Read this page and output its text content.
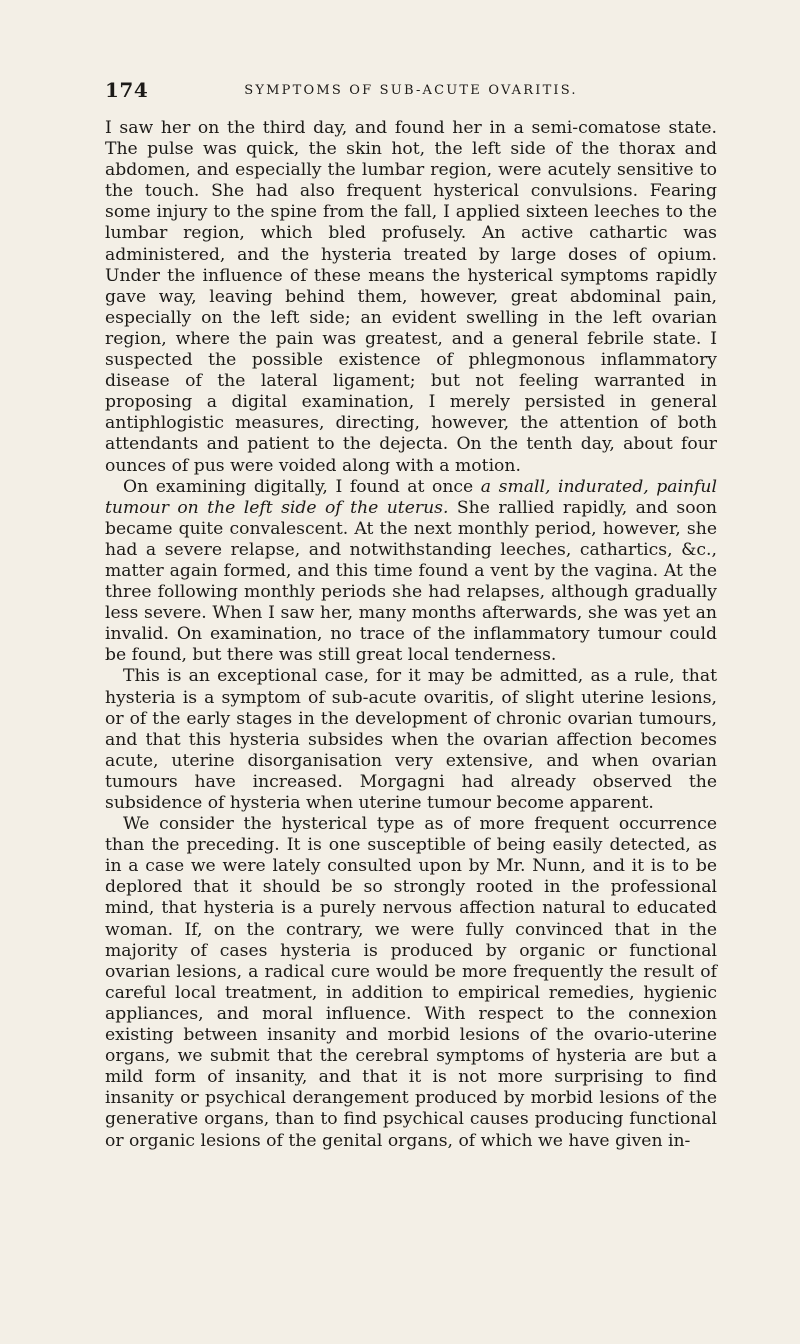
174	SYMPTOMS OF SUB-ACUTE OVARITIS.

I saw her on the third day, and found her in a semi-comatose state. The pulse was quick, the skin hot, the left side of the thorax and abdomen, and especially the lumbar region, were acutely sensitive to the touch. She had also frequent hysterical convulsions. Fearing some injury to the spine from the fall, I applied sixteen leeches to the lumbar region, which bled profusely. An active cathartic was administered, and the hysteria treated by large doses of opium. Under the influence of these means the hysterical symptoms rapidly gave way, leaving behind them, however, great abdominal pain, especially on the left side; an evident swelling in the left ovarian region, where the pain was greatest, and a general febrile state. I suspected the possible existence of phlegmonous inflammatory disease of the lateral ligament; but not feeling warranted in proposing a digital examination, I merely persisted in general antiphlogistic measures, directing, however, the attention of both attendants and patient to the dejecta. On the tenth day, about four ounces of pus were voided along with a motion.

On examining digitally, I found at once a small, indurated, painful tumour on the left side of the uterus. She rallied rapidly, and soon became quite convalescent. At the next monthly period, however, she had a severe relapse, and notwithstanding leeches, cathartics, &c., matter again formed, and this time found a vent by the vagina. At the three following monthly periods she had relapses, although gradually less severe. When I saw her, many months afterwards, she was yet an invalid. On examination, no trace of the inflammatory tumour could be found, but there was still great local tenderness.

This is an exceptional case, for it may be admitted, as a rule, that hysteria is a symptom of sub-acute ovaritis, of slight uterine lesions, or of the early stages in the development of chronic ovarian tumours, and that this hysteria subsides when the ovarian affection becomes acute, uterine disorganisation very extensive, and when ovarian tumours have increased. Morgagni had already observed the subsidence of hysteria when uterine tumour become apparent.

We consider the hysterical type as of more frequent occurrence than the preceding. It is one susceptible of being easily detected, as in a case we were lately consulted upon by Mr. Nunn, and it is to be deplored that it should be so strongly rooted in the professional mind, that hysteria is a purely nervous affection natural to educated woman. If, on the contrary, we were fully convinced that in the majority of cases hysteria is produced by organic or functional ovarian lesions, a radical cure would be more frequently the result of careful local treatment, in addition to empirical remedies, hygienic appliances, and moral influence. With respect to the connexion existing between insanity and morbid lesions of the ovario-uterine organs, we submit that the cerebral symptoms of hysteria are but a mild form of insanity, and that it is not more surprising to find insanity or psychical derangement produced by morbid lesions of the generative organs, than to find psychical causes producing functional or organic lesions of the genital organs, of which we have given in-
